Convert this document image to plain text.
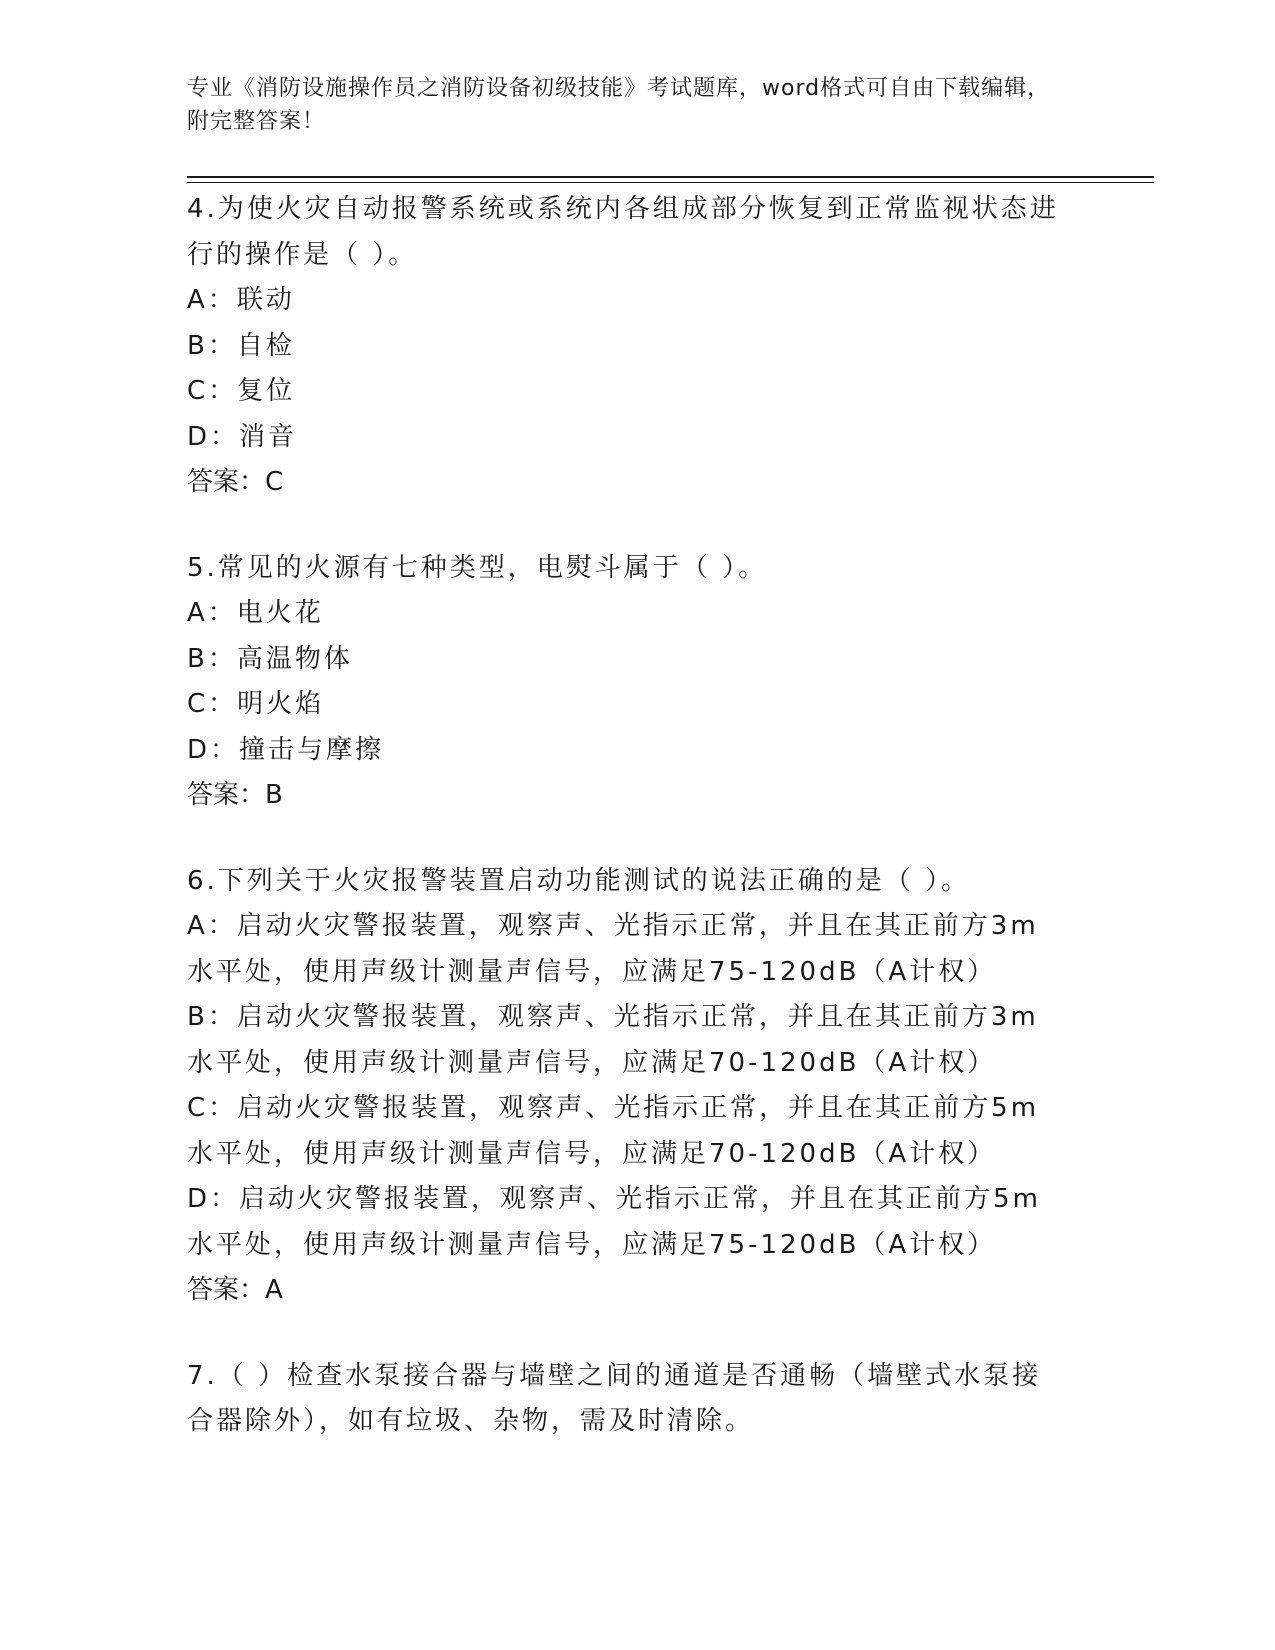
专业《消防设施操作员之消防设备初级技能》考试题库，word格式可自由下载编辑，附完整答案！
4.为使火灾自动报警系统或系统内各组成部分恢复到正常监视状态进行的操作是（ ）。
A：联动
B：自检
C：复位
D：消音
答案：C
5.常见的火源有七种类型，电熨斗属于（ ）。
A：电火花
B：高温物体
C：明火焰
D：撞击与摩擦
答案：B
6.下列关于火灾报警装置启动功能测试的说法正确的是（ ）。
A：启动火灾警报装置，观察声、光指示正常，并且在其正前方3m水平处，使用声级计测量声信号，应满足75-120dB（A计权）
B：启动火灾警报装置，观察声、光指示正常，并且在其正前方3m水平处，使用声级计测量声信号，应满足70-120dB（A计权）
C：启动火灾警报装置，观察声、光指示正常，并且在其正前方5m水平处，使用声级计测量声信号，应满足70-120dB（A计权）
D：启动火灾警报装置，观察声、光指示正常，并且在其正前方5m水平处，使用声级计测量声信号，应满足75-120dB（A计权）
答案：A
7.（ ）检查水泵接合器与墙壁之间的通道是否通畅（墙壁式水泵接合器除外），如有垃圾、杂物，需及时清除。
